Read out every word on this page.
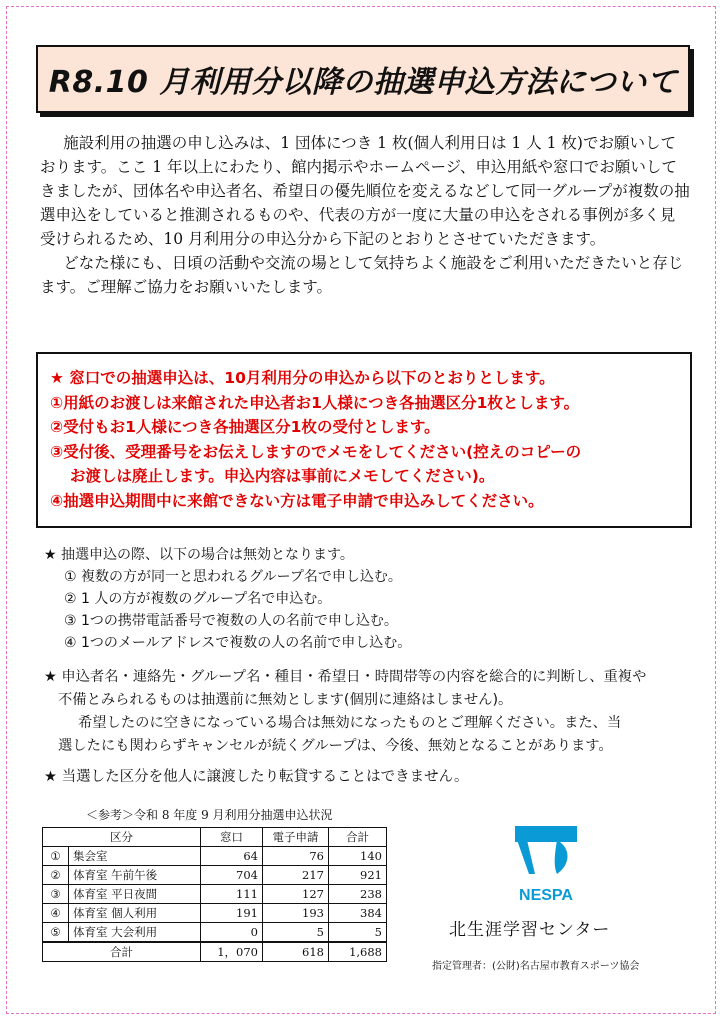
R8.10 月利用分以降の抽選申込方法について

施設利用の抽選の申し込みは、1 団体につき 1 枚(個人利用日は 1 人 1 枚)でお願いしております。ここ 1 年以上にわたり、館内掲示やホームページ、申込用紙や窓口でお願いしてきましたが、団体名や申込者名、希望日の優先順位を変えるなどして同一グループが複数の抽選申込をしていると推測されるものや、代表の方が一度に大量の申込をされる事例が多く見受けられるため、10 月利用分の申込分から下記のとおりとさせていただきます。

どなた様にも、日頃の活動や交流の場として気持ちよく施設をご利用いただきたいと存じます。ご理解ご協力をお願いいたします。

★ 窓口での抽選申込は、10月利用分の申込から以下のとおりとします。
①用紙のお渡しは来館された申込者お1人様につき各抽選区分1枚とします。
②受付もお1人様につき各抽選区分1枚の受付とします。
③受付後、受理番号をお伝えしますのでメモをしてください(控えのコピーの
お渡しは廃止します。申込内容は事前にメモしてください)。
④抽選申込期間中に来館できない方は電子申請で申込みしてください。
★ 抽選申込の際、以下の場合は無効となります。
① 複数の方が同一と思われるグループ名で申し込む。
② 1 人の方が複数のグループ名で申込む。
③ 1つの携帯電話番号で複数の人の名前で申し込む。
④ 1つのメールアドレスで複数の人の名前で申し込む。
★ 申込者名・連絡先・グループ名・種目・希望日・時間帯等の内容を総合的に判断し、重複や
不備とみられるものは抽選前に無効とします(個別に連絡はしません)。
希望したのに空きになっている場合は無効になったものとご理解ください。また、当
選したにも関わらずキャンセルが続くグループは、今後、無効となることがあります。
★ 当選した区分を他人に譲渡したり転貸することはできません。
＜参考＞令和 8 年度 9 月利用分抽選申込状況
区分		窓口	電子申請	合計
①	集会室	64	76	140
②	体育室 午前午後	704	217	921
③	体育室 平日夜間	111	127	238
④	体育室 個人利用	191	193	384
⑤	体育室 大会利用	0	5	5
合計		1，070	618	1,688
NESPA
北生涯学習センター
指定管理者：(公財)名古屋市教育スポーツ協会
